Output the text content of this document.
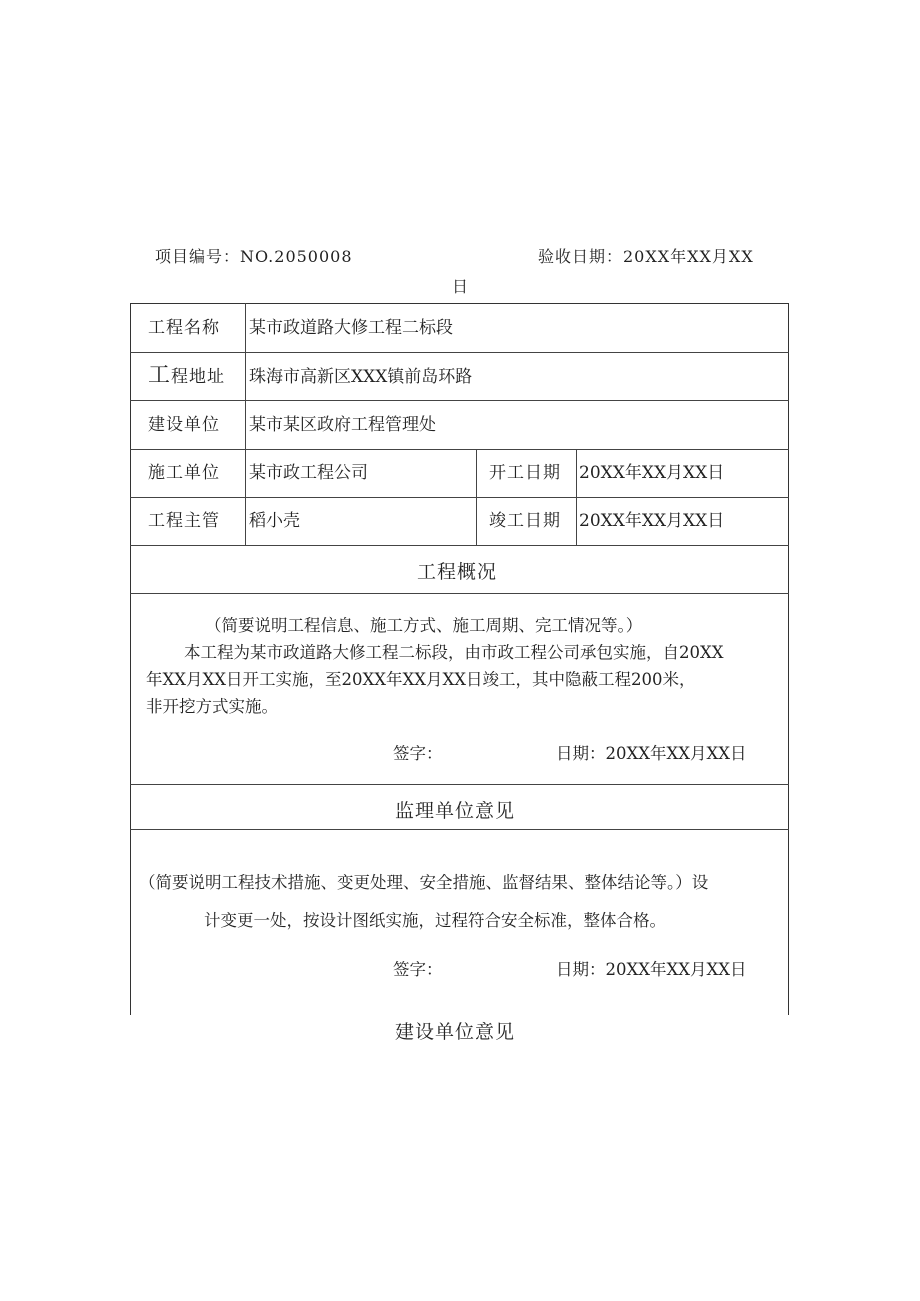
项目编号：NO.2050008	验收日期：20XX年XX月XX
日
工程名称 某市政道路大修工程二标段
工程地址 珠海市高新区XXX镇前岛环路
建设单位 某市某区政府工程管理处
施工单位 某市政工程公司	开工日期 20XX年XX月XX日
工程主管 稻小壳	竣工日期 20XX年XX月XX日
工程概况
（简要说明工程信息、施工方式、施工周期、完工情况等。）
本工程为某市政道路大修工程二标段，由市政工程公司承包实施，自20XX
年XX月XX日开工实施，至20XX年XX月XX日竣工，其中隐蔽工程200米，
非开挖方式实施。
签字：	日期：20XX年XX月XX日
监理单位意见
（简要说明工程技术措施、变更处理、安全措施、监督结果、整体结论等。）设
计变更一处，按设计图纸实施，过程符合安全标准，整体合格。
签字：	日期：20XX年XX月XX日
建设单位意见
